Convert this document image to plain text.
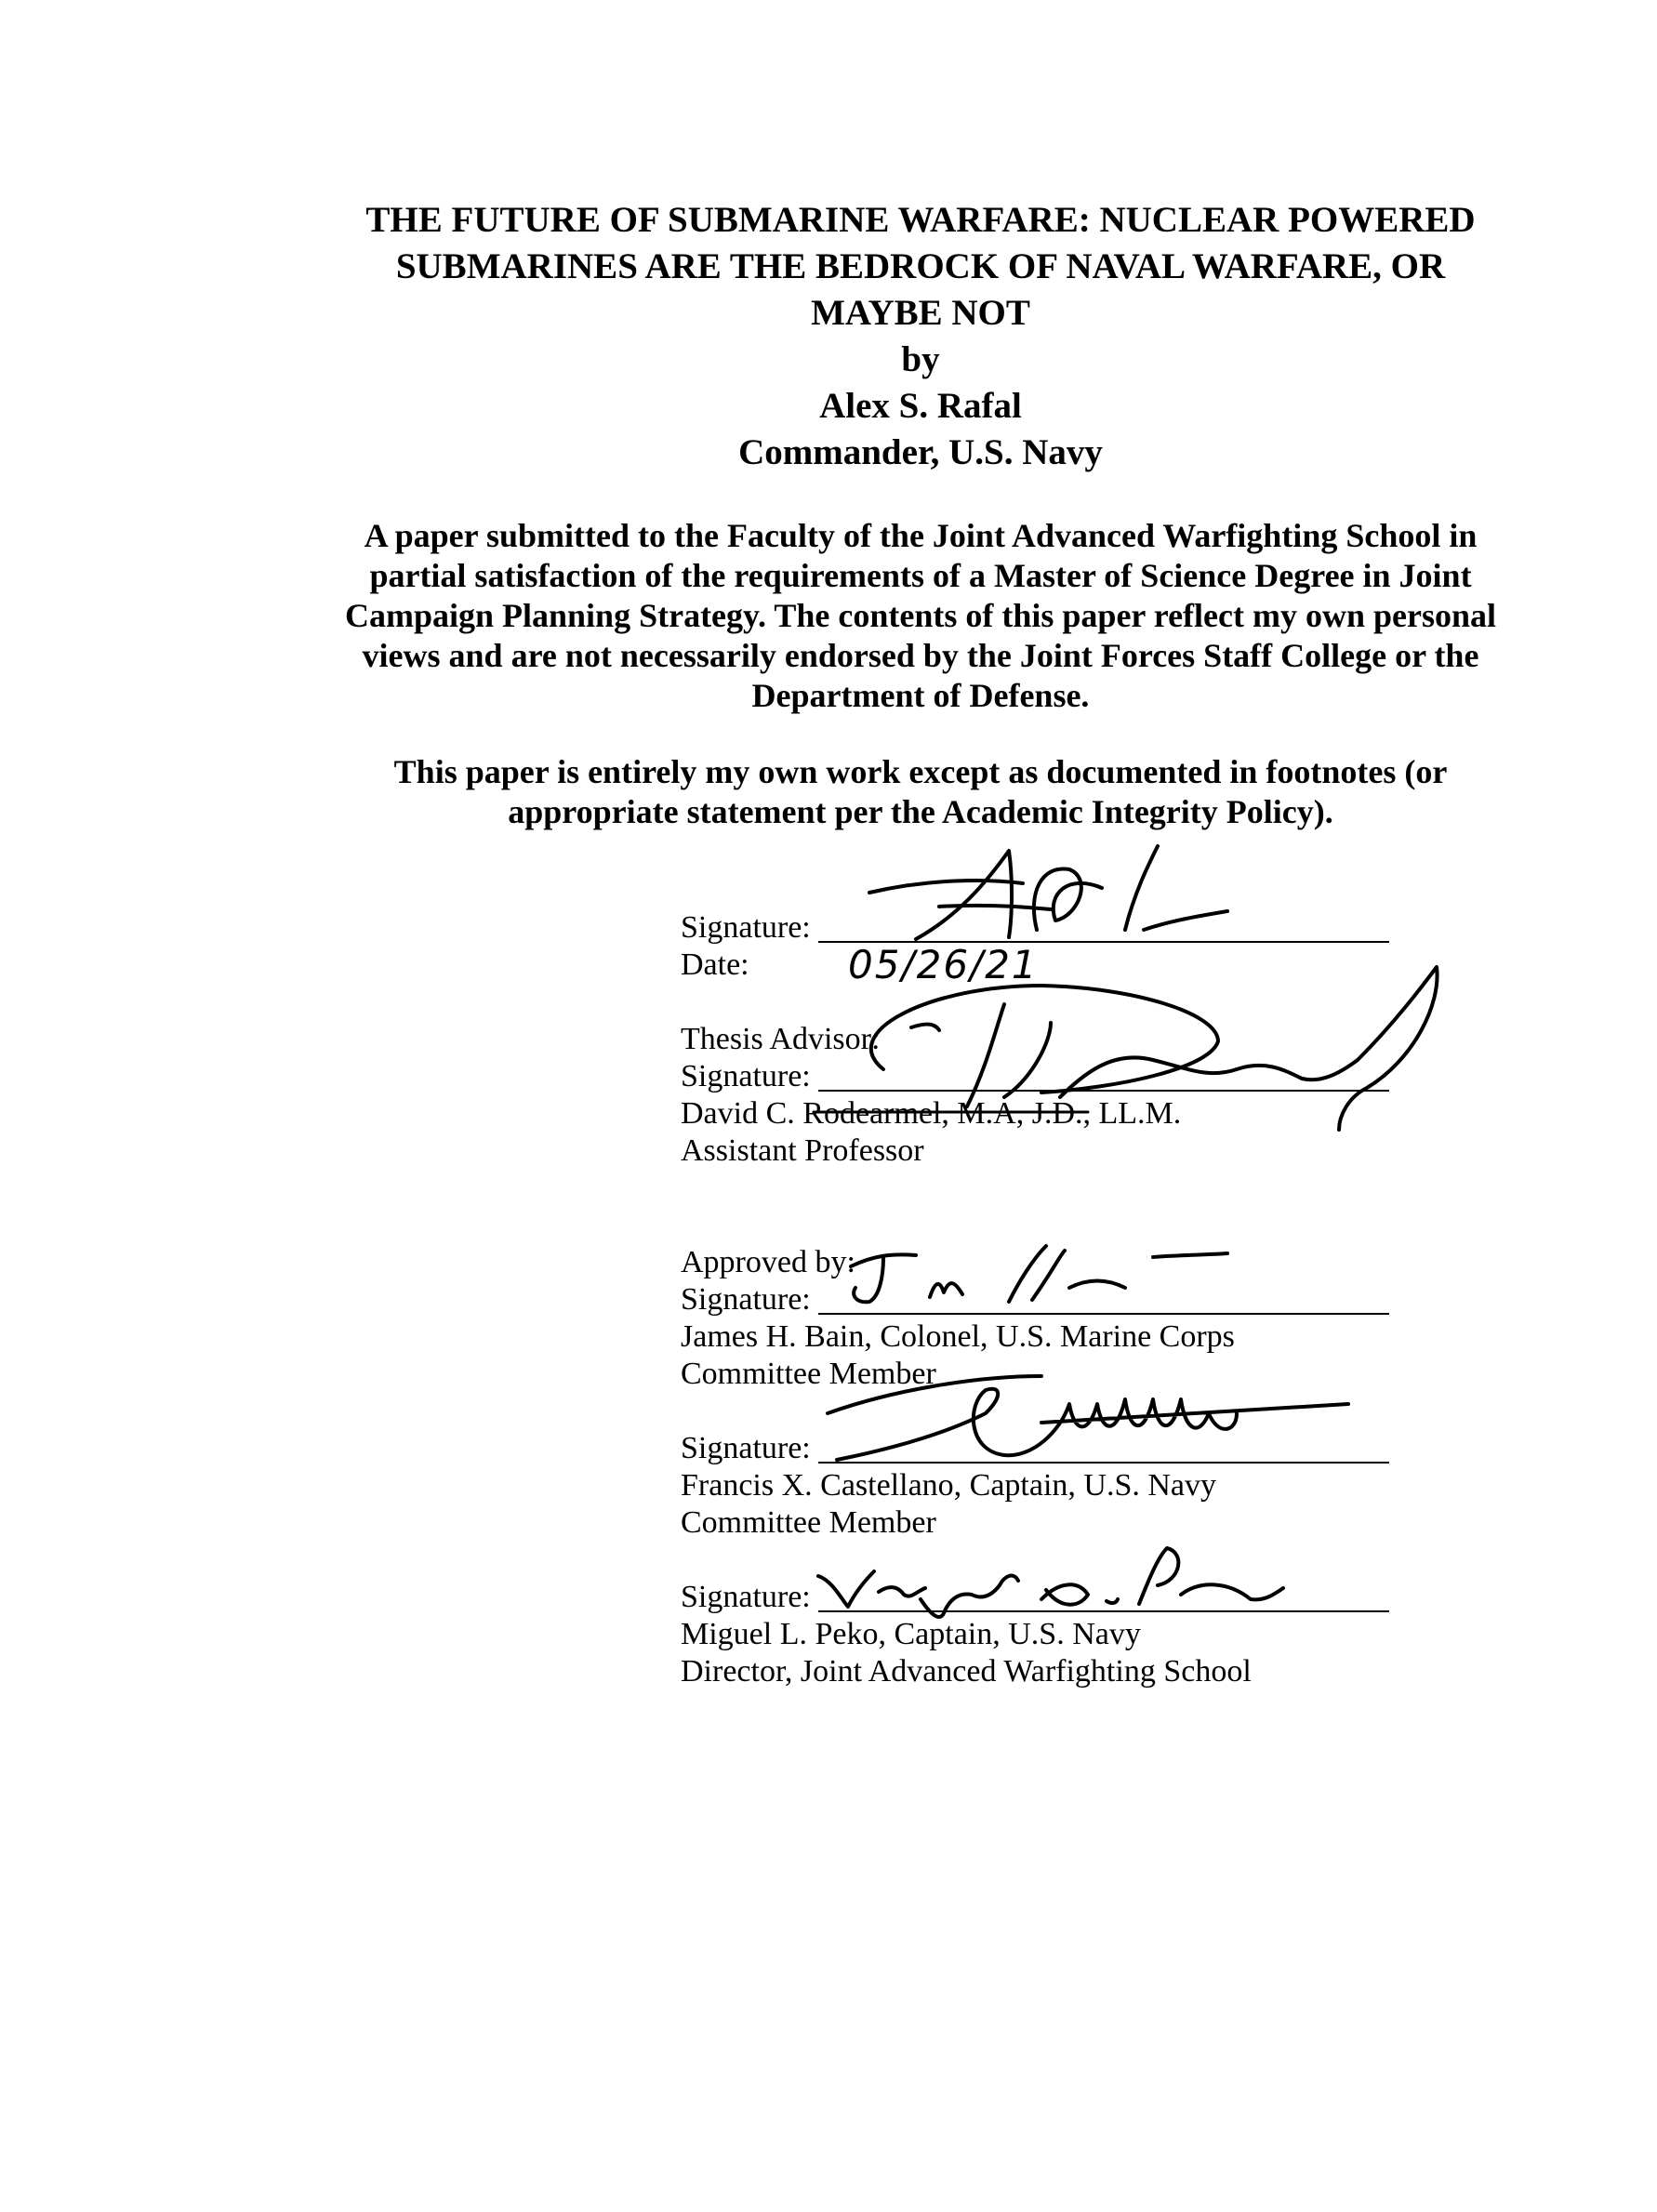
THE FUTURE OF SUBMARINE WARFARE: NUCLEAR POWERED
SUBMARINES ARE THE BEDROCK OF NAVAL WARFARE, OR
MAYBE NOT
by
Alex S. Rafal
Commander, U.S. Navy
A paper submitted to the Faculty of the Joint Advanced Warfighting School in
partial satisfaction of the requirements of a Master of Science Degree in Joint
Campaign Planning Strategy. The contents of this paper reflect my own personal
views and are not necessarily endorsed by the Joint Forces Staff College or the
Department of Defense.
This paper is entirely my own work except as documented in footnotes (or
appropriate statement per the Academic Integrity Policy).
Signature:
Date:	05/26/21
Thesis Advisor:
Signature:
David C. Rodearmel, M.A, J.D., LL.M.
Assistant Professor
Approved by:
Signature:
James H. Bain, Colonel, U.S. Marine Corps
Committee Member
Signature:
Francis X. Castellano, Captain, U.S. Navy
Committee Member
Signature:
Miguel L. Peko, Captain, U.S. Navy
Director, Joint Advanced Warfighting School
